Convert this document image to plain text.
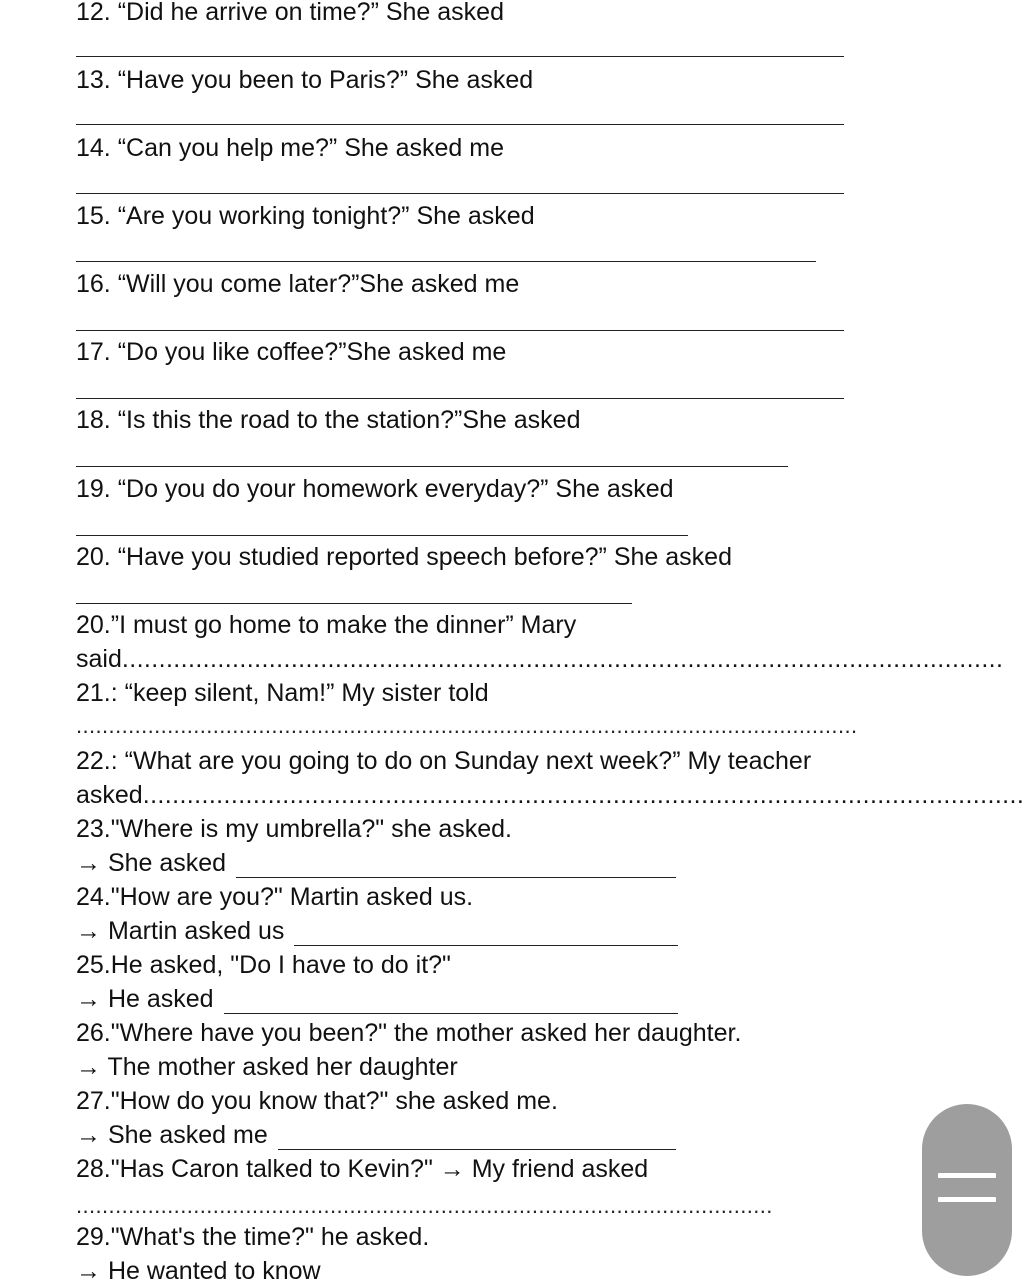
12. “Did he arrive on time?” She asked
13. “Have you been to Paris?” She asked
14. “Can you help me?” She asked me
15. “Are you working tonight?” She asked
16. “Will you come later?”She asked me
17. “Do you like coffee?”She asked me
18. “Is this the road to the station?”She asked
19. “Do you do your homework everyday?” She asked
20. “Have you studied reported speech before?” She asked
20.”I must go home to make the dinner” Mary
said........................................................................................................................
21.: “keep silent, Nam!” My sister told
........................................................................................................................
22.: “What are you going to do on Sunday next week?” My teacher
asked........................................................................................................................
23."Where is my umbrella?" she asked.
→ She asked
24."How are you?" Martin asked us.
→ Martin asked us
25.He asked, "Do I have to do it?"
→ He asked
26."Where have you been?" the mother asked her daughter.
→ The mother asked her daughter
27."How do you know that?" she asked me.
→ She asked me
28."Has Caron talked to Kevin?" → My friend asked
...........................................................................................................
29."What's the time?" he asked.
→ He wanted to know
